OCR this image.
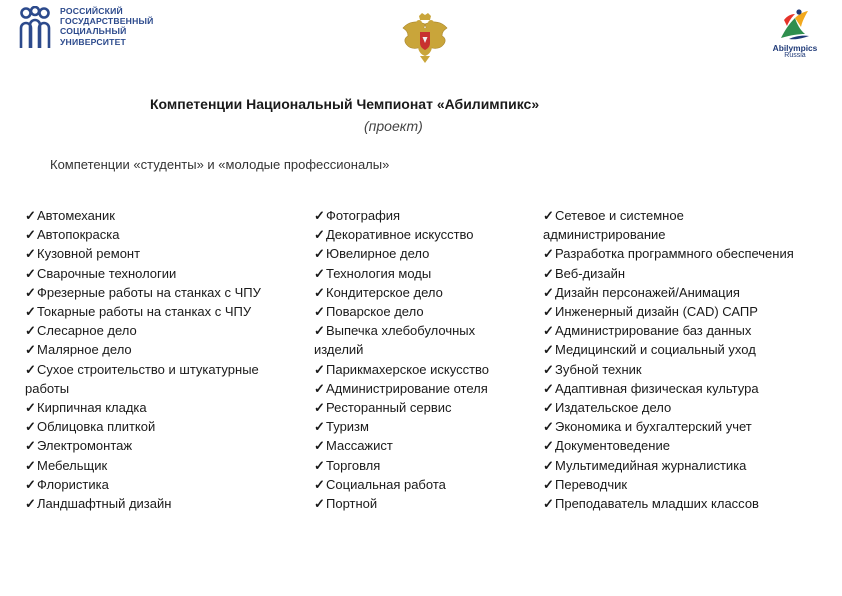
РОССИЙСКИЙ
ГОСУДАРСТВЕННЫЙ
СОЦИАЛЬНЫЙ
УНИВЕРСИТЕТ
Abilympics
Russia
Компетенции Национальный Чемпионат «Абилимпикс»
(проект)
Компетенции «студенты» и «молодые профессионалы»
✓Автомеханик
✓Автопокраска
✓Кузовной ремонт
✓Сварочные технологии
✓Фрезерные работы на станках с ЧПУ
✓Токарные работы на станках с ЧПУ
✓Слесарное дело
✓Малярное дело
✓Сухое строительство и штукатурные
работы
✓Кирпичная кладка
✓Облицовка плиткой
✓Электромонтаж
✓Мебельщик
✓Флористика
✓Ландшафтный дизайн
✓Фотография
✓Декоративное искусство
✓Ювелирное дело
✓Технология моды
✓Кондитерское дело
✓Поварское дело
✓Выпечка хлебобулочных
изделий
✓Парикмахерское искусство
✓Администрирование отеля
✓Ресторанный сервис
✓Туризм
✓Массажист
✓Торговля
✓Социальная работа
✓Портной
✓Сетевое и системное
администрирование
✓Разработка программного обеспечения
✓Веб-дизайн
✓Дизайн персонажей/Анимация
✓Инженерный дизайн (CAD) САПР
✓Администрирование баз данных
✓Медицинский и социальный уход
✓Зубной техник
✓Адаптивная физическая культура
✓Издательское дело
✓Экономика и бухгалтерский учет
✓Документоведение
✓Мультимедийная журналистика
✓Переводчик
✓Преподаватель младших классов
